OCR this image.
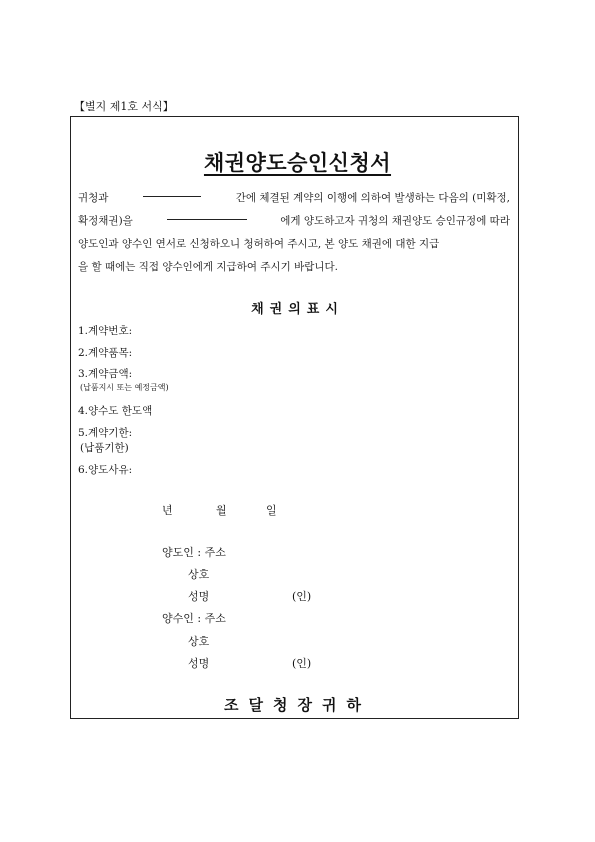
【별지 제1호 서식】
채권양도승인신청서
귀청과	간에 체결된 계약의 이행에 의하여 발생하는 다음의 (미확정,
확정채권)을	에게 양도하고자 귀청의 채권양도 승인규정에 따라
양도인과 양수인 연서로 신청하오니 청허하여 주시고, 본 양도 채권에 대한 지급
을 할 때에는 직접 양수인에게 지급하여 주시기 바랍니다.
채권의표시
1.계약번호:
2.계약품목:
3.계약금액:
(납품지시 또는 예정금액)
4.양수도 한도액
5.계약기한:
(납품기한)
6.양도사유:
년	월	일
양도인 : 주소
상호
성명	(인)
양수인 : 주소
상호
성명	(인)
조달청장귀하
